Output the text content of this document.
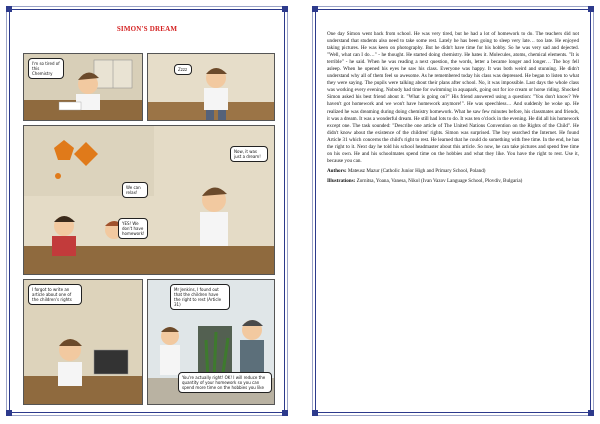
SIMON'S DREAM
I'm so tired of this Chemistry
Zzzz
Now, it was just a dream!
We can relax!
YES! We don't have homework!
I forgot to write an article about one of the children's rights
Mr Jenkins, I found out that the children have the right to rest (Article 31)
You're actually right! OK! I will reduce the quantity of your homework so you can spend more time on the hobbies you like

One day Simon went back from school. He was very tired, but he had a lot of homework to do. The teachers did not understand that students also need to take some rest. Lately he has been going to sleep very late… too late. He enjoyed taking pictures. He was keen on photography. But he didn't have time for his hobby. So he was very sad and dejected. "Well, what can I do…" - he thought. He started doing chemistry. He hates it. Molecules, atoms, chemical elements. "It is terrible" - he said. When he was reading a next question, the words, letter a became longer and longer… The boy fell asleep. When he opened his eyes he saw his class. Everyone was happy. It was both weird and stunning. He didn't understand why all of them feel so awesome. As he remembered today his class was depressed. He began to listen to what they were saying. The pupils were talking about their plans after school. No, it was impossible. Last days the whole class was working every evening. Nobody had time for swimming in aquapark, going out for ice cream or horse riding. Shocked Simon asked his best friend about it. "What is going on?" His friend answered using a question: "You don't know? We haven't got homework and we won't have homework anymore!". He was speechless… And suddenly he woke up. He realized he was dreaming during doing chemistry homework. What he saw few minutes before, his classmates and friends, it was a dream. It was a wonderful dream. He still had lots to do. It was ten o'clock in the evening. He did all his homework except one. The task sounded: "Describe one article of The United Nations Convention on the Rights of the Child". He didn't know about the existence of the children' rights. Simon was surprised. The boy searched the Internet. He found Article 31 which concerns the child's right to rest. He learned that he could do something with free time. In the end, he has the right to it. Next day he told his school headmaster about this article. So now, he can take pictures and spend free time on his own. He and his schoolmates spend time on the hobbies and what they like. You have the right to rest. Use it, because you can.

Authors: Mateusz Mazur (Catholic Junior High and Primary School, Poland)

Illustrations: Zornitsa, Yoana, Vanesa, Nikol (Ivan Vazov Language School, Plovdiv, Bulgaria)
